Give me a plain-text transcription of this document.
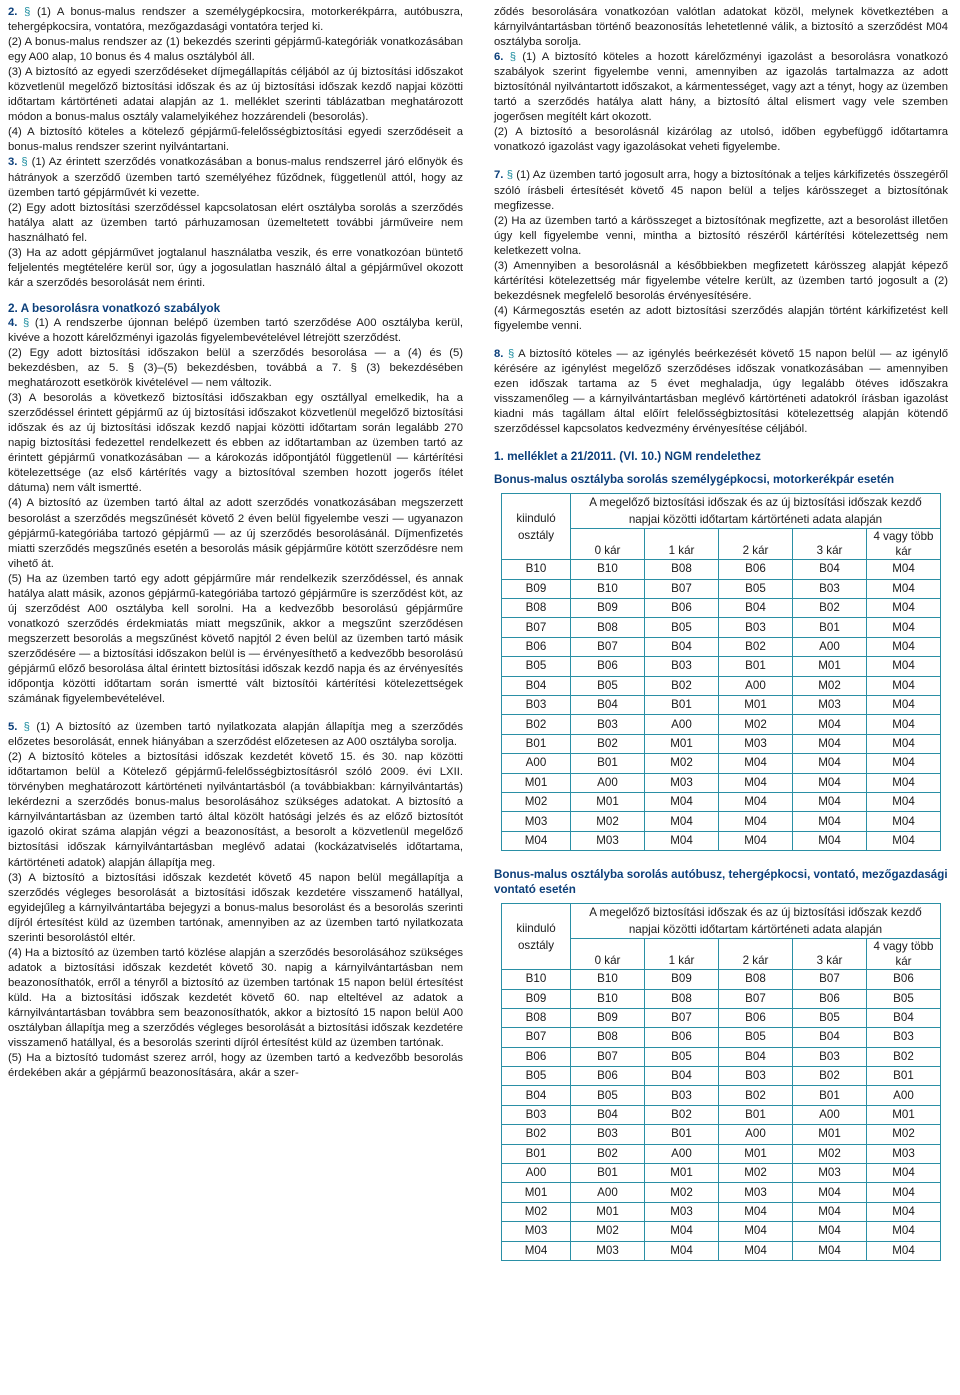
2. § (1) A bonus-malus rendszer a személygépkocsira, motorkerékpárra, autóbuszra, tehergépkocsira, vontatóra, mezőgazdasági vontatóra terjed ki.

(2) A bonus-malus rendszer az (1) bekezdés szerinti gépjármű-kategóriák vonatkozásában egy A00 alap, 10 bonus és 4 malus osztályból áll.

(3) A biztosító az egyedi szerződéseket díjmegállapítás céljából az új biztosítási időszakot közvetlenül megelőző biztosítási időszak és az új biztosítási időszak kezdő napjai közötti időtartam kártörténeti adatai alapján az 1. melléklet szerinti táblázatban meghatározott módon a bonus-malus osztály valamelyikéhez hozzárendeli (besorolás).

(4) A biztosító köteles a kötelező gépjármű-felelősségbiztosítási egyedi szerződéseit a bonus-malus rendszer szerint nyilvántartani.

3. § (1) Az érintett szerződés vonatkozásában a bonus-malus rendszerrel járó előnyök és hátrányok a szerződő üzemben tartó személyéhez fűződnek, függetlenül attól, hogy az üzemben tartó gépjárművét ki vezette.

(2) Egy adott biztosítási szerződéssel kapcsolatosan elért osztályba sorolás a szerződés hatálya alatt az üzemben tartó párhuzamosan üzemeltetett további járműveire nem használható fel.

(3) Ha az adott gépjárművet jogtalanul használatba veszik, és erre vonatkozóan büntető feljelentés megtételére kerül sor, úgy a jogosulatlan használó által a gépjárművel okozott kár a szerződés besorolását nem érinti.

2. A besorolásra vonatkozó szabályok

4. § (1) A rendszerbe újonnan belépő üzemben tartó szerződése A00 osztályba kerül, kivéve a hozott kárelőzményi igazolás figyelembevételével létrejött szerződést.

(2) Egy adott biztosítási időszakon belül a szerződés besorolása — a (4) és (5) bekezdésben, az 5. § (3)–(5) bekezdésben, továbbá a 7. § (3) bekezdésében meghatározott esetkörök kivételével — nem változik.

(3) A besorolás a következő biztosítási időszakban egy osztállyal emelkedik, ha a szerződéssel érintett gépjármű az új biztosítási időszakot közvetlenül megelőző biztosítási időszak és az új biztosítási időszak kezdő napjai közötti időtartam során legalább 270 napig biztosítási fedezettel rendelkezett és ebben az időtartamban az üzemben tartó az érintett gépjármű vonatkozásában — a károkozás időpontjától függetlenül — kártérítési kötelezettsége (az első kártérítés vagy a biztosítóval szemben hozott jogerős ítélet dátuma) nem vált ismertté.

(4) A biztosító az üzemben tartó által az adott szerződés vonatkozásában megszerzett besorolást a szerződés megszűnését követő 2 éven belül figyelembe veszi — ugyanazon gépjármű-kategóriába tartozó gépjármű — az új szerződés besorolásánál. Díjmenfizetés miatti szerződés megszűnés esetén a besorolás másik gépjárműre kötött szerződésre nem vihető át.

(5) Ha az üzemben tartó egy adott gépjárműre már rendelkezik szerződéssel, és annak hatálya alatt másik, azonos gépjármű-kategóriába tartozó gépjárműre is szerződést köt, az új szerződést A00 osztályba kell sorolni. Ha a kedvezőbb besorolású gépjárműre vonatkozó szerződés érdekmiatás miatt megszűnik, akkor a megszűnt szerződésen megszerzett besorolás a megszűnést követő napjtól 2 éven belül az üzemben tartó másik szerződésére — a biztosítási időszakon belül is — érvényesíthető a kedvezőbb besorolású gépjármű előző besorolása által érintett biztosítási időszak kezdő napja és az érvényesítés időpontja közötti időtartam során ismertté vált biztosítói kártérítési kötelezettségek számának figyelembevételével.

5. § (1) A biztosító az üzemben tartó nyilatkozata alapján állapítja meg a szerződés előzetes besorolását, ennek hiányában a szerződést előzetesen az A00 osztályba sorolja.

(2) A biztosító köteles a biztosítási időszak kezdetét követő 15. és 30. nap közötti időtartamon belül a Kötelező gépjármű-felelősségbiztosításról szóló 2009. évi LXII. törvényben meghatározott kártörténeti nyilvántartásból (a továbbiakban: kárnyilvántartás) lekérdezni a szerződés bonus-malus besorolásához szükséges adatokat. A biztosító a kárnyilvántartásban az üzemben tartó által közölt hatósági jelzés és az előző biztosítót igazoló okirat száma alapján végzi a beazonosítást, a besorolt a közvetlenül megelőző biztosítási időszak kárnyilvántartásban meglévő adatai (kockázatviselés időtartama, kártörténeti adatok) alapján állapítja meg.

(3) A biztosító a biztosítási időszak kezdetét követő 45 napon belül megállapítja a szerződés végleges besorolását a biztosítási időszak kezdetére visszamenő hatállyal, egyidejűleg a kárnyilvántartába bejegyzi a bonus-malus besorolást és a besorolás szerinti díjról értesítést küld az üzemben tartónak, amennyiben az az üzemben tartó nyilatkozata szerinti besorolástól eltér.

(4) Ha a biztosító az üzemben tartó közlése alapján a szerződés besorolásához szükséges adatok a biztosítási időszak kezdetét követő 30. napig a kárnyilvántartásban nem beazonosíthatók, erről a tényről a biztosító az üzemben tartónak 15 napon belül értesítést küld. Ha a biztosítási időszak kezdetét követő 60. nap elteltével az adatok a kárnyilvántartásban továbbra sem beazonosíthatók, akkor a biztosító 15 napon belül A00 osztályban állapítja meg a szerződés végleges besorolását a biztosítási időszak kezdetére visszamenő hatállyal, és a besorolás szerinti díjról értesítést küld az üzemben tartónak.

(5) Ha a biztosító tudomást szerez arról, hogy az üzemben tartó a kedvezőbb besorolás érdekében akár a gépjármű beazonosítására, akár a szer-

ződés besorolására vonatkozóan valótlan adatokat közöl, melynek következtében a kárnyilvántartásban történő beazonosítás lehetetlenné válik, a biztosító a szerződést M04 osztályba sorolja.

6. § (1) A biztosító köteles a hozott kárelőzményi igazolást a besorolásra vonatkozó szabályok szerint figyelembe venni, amennyiben az igazolás tartalmazza az adott biztosítónál nyilvántartott időszakot, a kármentességet, vagy azt a tényt, hogy az üzemben tartó a szerződés hatálya alatt hány, a biztosító által elismert vagy vele szemben jogerősen megítélt kárt okozott.

(2) A biztosító a besorolásnál kizárólag az utolsó, időben egybefüggő időtartamra vonatkozó igazolást vagy igazolásokat veheti figyelembe.

7. § (1) Az üzemben tartó jogosult arra, hogy a biztosítónak a teljes kárkifizetés összegéről szóló írásbeli értesítését követő 45 napon belül a teljes kárösszeget a biztosítónak megfizesse.

(2) Ha az üzemben tartó a kárösszeget a biztosítónak megfizette, azt a besorolást illetően úgy kell figyelembe venni, mintha a biztosító részéről kártérítési kötelezettség nem keletkezett volna.

(3) Amennyiben a besorolásnál a későbbiekben megfizetett kárösszeg alapját képező kártérítési kötelezettség már figyelembe vételre került, az üzemben tartó jogosult a (2) bekezdésnek megfelelő besorolás érvényesítésére.

(4) Kármegosztás esetén az adott biztosítási szerződés alapján történt kárkifizetést kell figyelembe venni.

8. § A biztosító köteles — az igénylés beérkezését követő 15 napon belül — az igénylő kérésére az igénylést megelőző szerződéses időszak vonatkozásában — amennyiben ezen időszak tartama az 5 évet meghaladja, úgy legalább ötéves időszakra visszamenőleg — a kárnyilvántartásban meglévő kártörténeti adatokról írásban igazolást kiadni más tagállam által előírt felelősségbiztosítási kötelezettség alapján kötendő szerződéssel kapcsolatos kedvezmény érvényesítése céljából.

1. melléklet a 21/2011. (VI. 10.) NGM rendelethez
Bonus-malus osztályba sorolás személygépkocsi, motorkerékpár esetén
kiinduló osztály	A megelőző biztosítási időszak és az új biztosítási időszak kezdő napjai közötti időtartam kártörténeti adata alapján				
	0 kár	1 kár	2 kár	3 kár	4 vagy több kár
B10	B10	B08	B06	B04	M04
B09	B10	B07	B05	B03	M04
B08	B09	B06	B04	B02	M04
B07	B08	B05	B03	B01	M04
B06	B07	B04	B02	A00	M04
B05	B06	B03	B01	M01	M04
B04	B05	B02	A00	M02	M04
B03	B04	B01	M01	M03	M04
B02	B03	A00	M02	M04	M04
B01	B02	M01	M03	M04	M04
A00	B01	M02	M04	M04	M04
M01	A00	M03	M04	M04	M04
M02	M01	M04	M04	M04	M04
M03	M02	M04	M04	M04	M04
M04	M03	M04	M04	M04	M04
Bonus-malus osztályba sorolás autóbusz, tehergépkocsi, vontató, mezőgazdasági vontató esetén
kiinduló osztály	A megelőző biztosítási időszak és az új biztosítási időszak kezdő napjai közötti időtartam kártörténeti adata alapján				
	0 kár	1 kár	2 kár	3 kár	4 vagy több kár
B10	B10	B09	B08	B07	B06
B09	B10	B08	B07	B06	B05
B08	B09	B07	B06	B05	B04
B07	B08	B06	B05	B04	B03
B06	B07	B05	B04	B03	B02
B05	B06	B04	B03	B02	B01
B04	B05	B03	B02	B01	A00
B03	B04	B02	B01	A00	M01
B02	B03	B01	A00	M01	M02
B01	B02	A00	M01	M02	M03
A00	B01	M01	M02	M03	M04
M01	A00	M02	M03	M04	M04
M02	M01	M03	M04	M04	M04
M03	M02	M04	M04	M04	M04
M04	M03	M04	M04	M04	M04
